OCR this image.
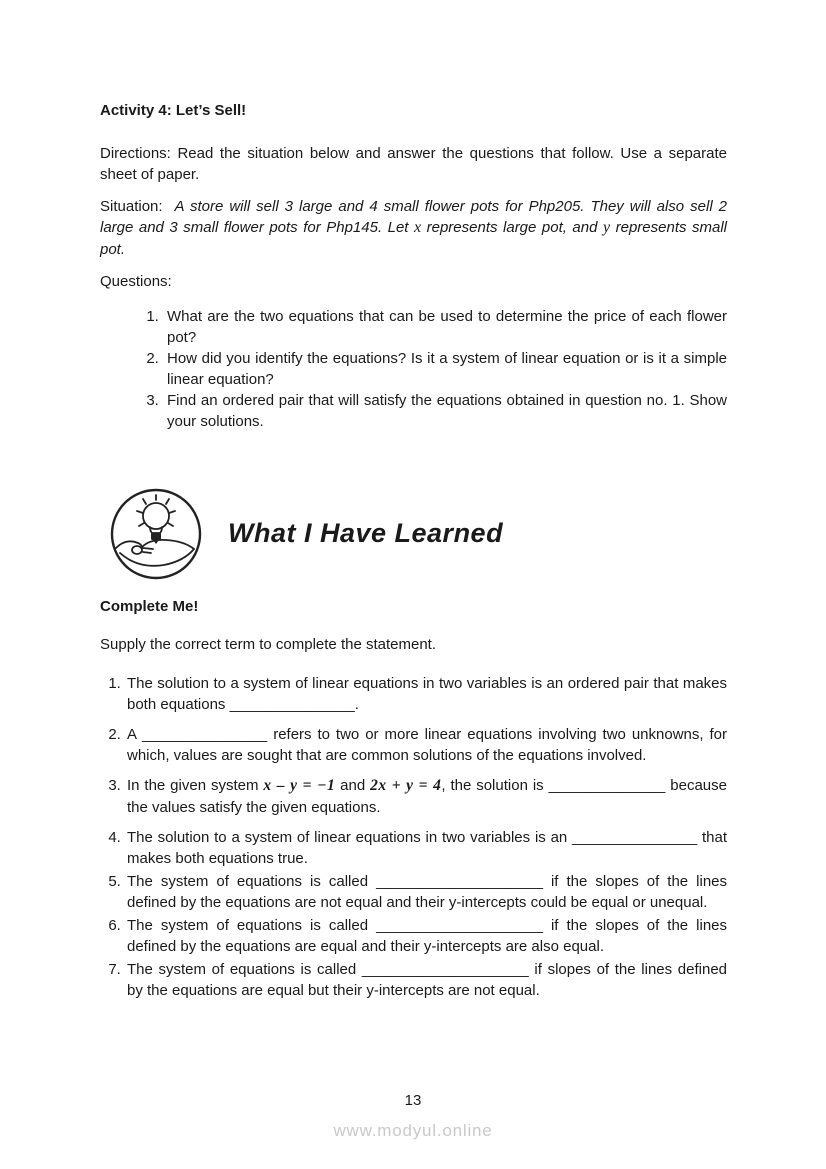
Activity 4: Let’s Sell!

Directions: Read the situation below and answer the questions that follow. Use a separate sheet of paper.

Situation: A store will sell 3 large and 4 small flower pots for Php205. They will also sell 2 large and 3 small flower pots for Php145. Let x represents large pot, and y represents small pot.

Questions:

1. What are the two equations that can be used to determine the price of each flower pot?
2. How did you identify the equations? Is it a system of linear equation or is it a simple linear equation?
3. Find an ordered pair that will satisfy the equations obtained in question no. 1. Show your solutions.
What I Have Learned
Complete Me!

Supply the correct term to complete the statement.

1. The solution to a system of linear equations in two variables is an ordered pair that makes both equations _______________.
2. A _______________ refers to two or more linear equations involving two unknowns, for which, values are sought that are common solutions of the equations involved.
3. In the given system x – y = −1 and 2x + y = 4, the solution is ______________ because the values satisfy the given equations.
4. The solution to a system of linear equations in two variables is an _______________ that makes both equations true.
5. The system of equations is called ____________________ if the slopes of the lines defined by the equations are not equal and their y-intercepts could be equal or unequal.
6. The system of equations is called ____________________ if the slopes of the lines defined by the equations are equal and their y-intercepts are also equal.
7. The system of equations is called ____________________ if slopes of the lines defined by the equations are equal but their y-intercepts are not equal.
13
www.modyul.online
